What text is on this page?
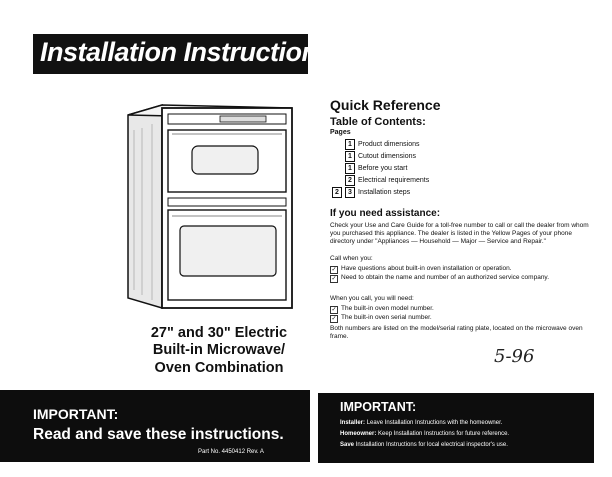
Installation Instructions
27" and 30" Electric
Built-in Microwave/
Oven Combination
Quick Reference
Table of Contents:
Pages
1 Product dimensions
1 Cutout dimensions
1 Before you start
2 Electrical requirements
2	3 Installation steps
If you need assistance:
Check your Use and Care Guide for a toll-free number to call or call the dealer from whom you purchased this appliance. The dealer is listed in the Yellow Pages of your phone directory under "Appliances — Household — Major — Service and Repair."
Call when you:
✓ Have questions about built-in oven installation or operation.
✓ Need to obtain the name and number of an authorized service company.
When you call, you will need:
✓ The built-in oven model number.
✓ The built-in oven serial number.
Both numbers are listed on the model/serial rating plate, located on the microwave oven frame.
5-96
IMPORTANT:
Read and save these instructions.
Part No. 4450412 Rev. A
IMPORTANT:
Installer: Leave Installation Instructions with the homeowner.
Homeowner: Keep Installation Instructions for future reference.
Save Installation Instructions for local electrical inspector's use.
